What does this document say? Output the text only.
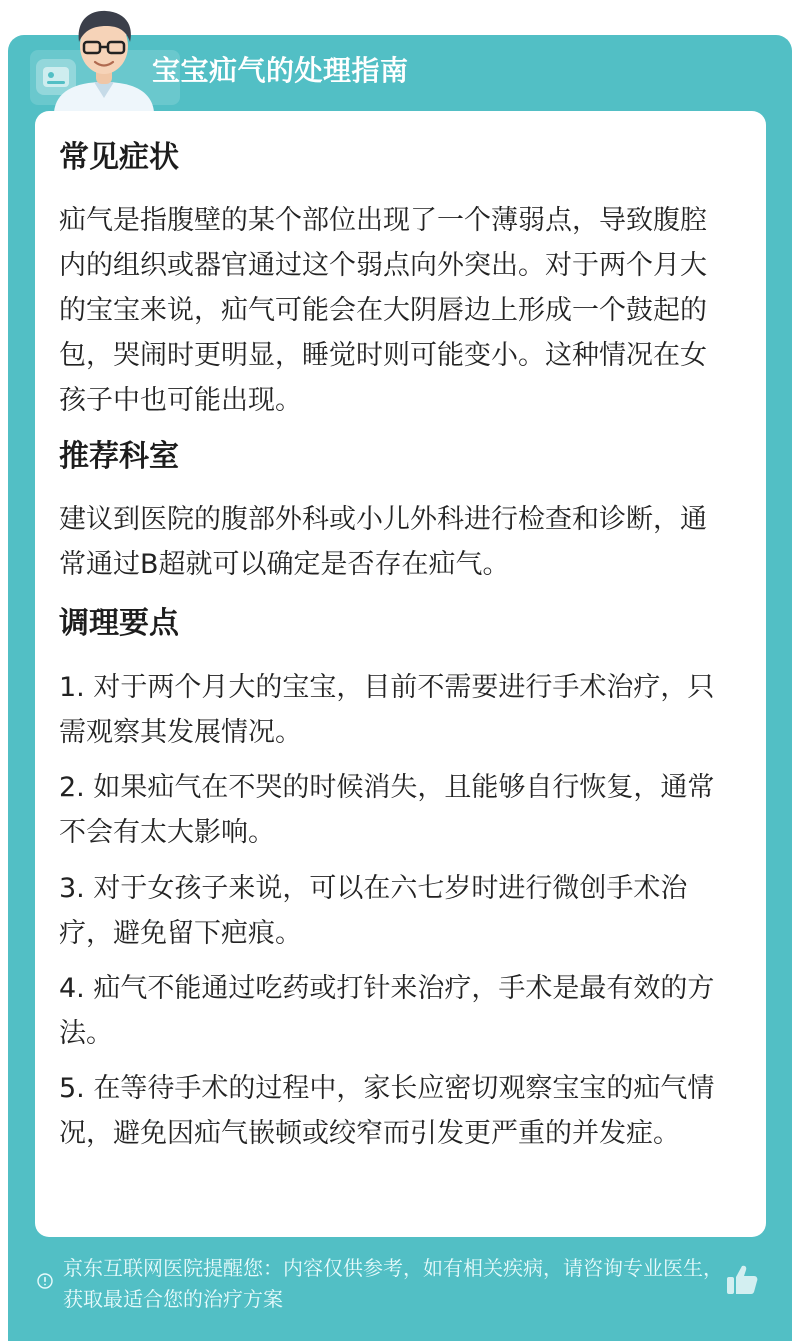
宝宝疝气的处理指南
常见症状
疝气是指腹壁的某个部位出现了一个薄弱点，导致腹腔内的组织或器官通过这个弱点向外突出。对于两个月大的宝宝来说，疝气可能会在大阴唇边上形成一个鼓起的包，哭闹时更明显，睡觉时则可能变小。这种情况在女孩子中也可能出现。
推荐科室
建议到医院的腹部外科或小儿外科进行检查和诊断，通常通过B超就可以确定是否存在疝气。
调理要点
1. 对于两个月大的宝宝，目前不需要进行手术治疗，只需观察其发展情况。
2. 如果疝气在不哭的时候消失，且能够自行恢复，通常不会有太大影响。
3. 对于女孩子来说，可以在六七岁时进行微创手术治疗，避免留下疤痕。
4. 疝气不能通过吃药或打针来治疗，手术是最有效的方法。
5. 在等待手术的过程中，家长应密切观察宝宝的疝气情况，避免因疝气嵌顿或绞窄而引发更严重的并发症。
京东互联网医院提醒您：内容仅供参考，如有相关疾病，请咨询专业医生，获取最适合您的治疗方案
